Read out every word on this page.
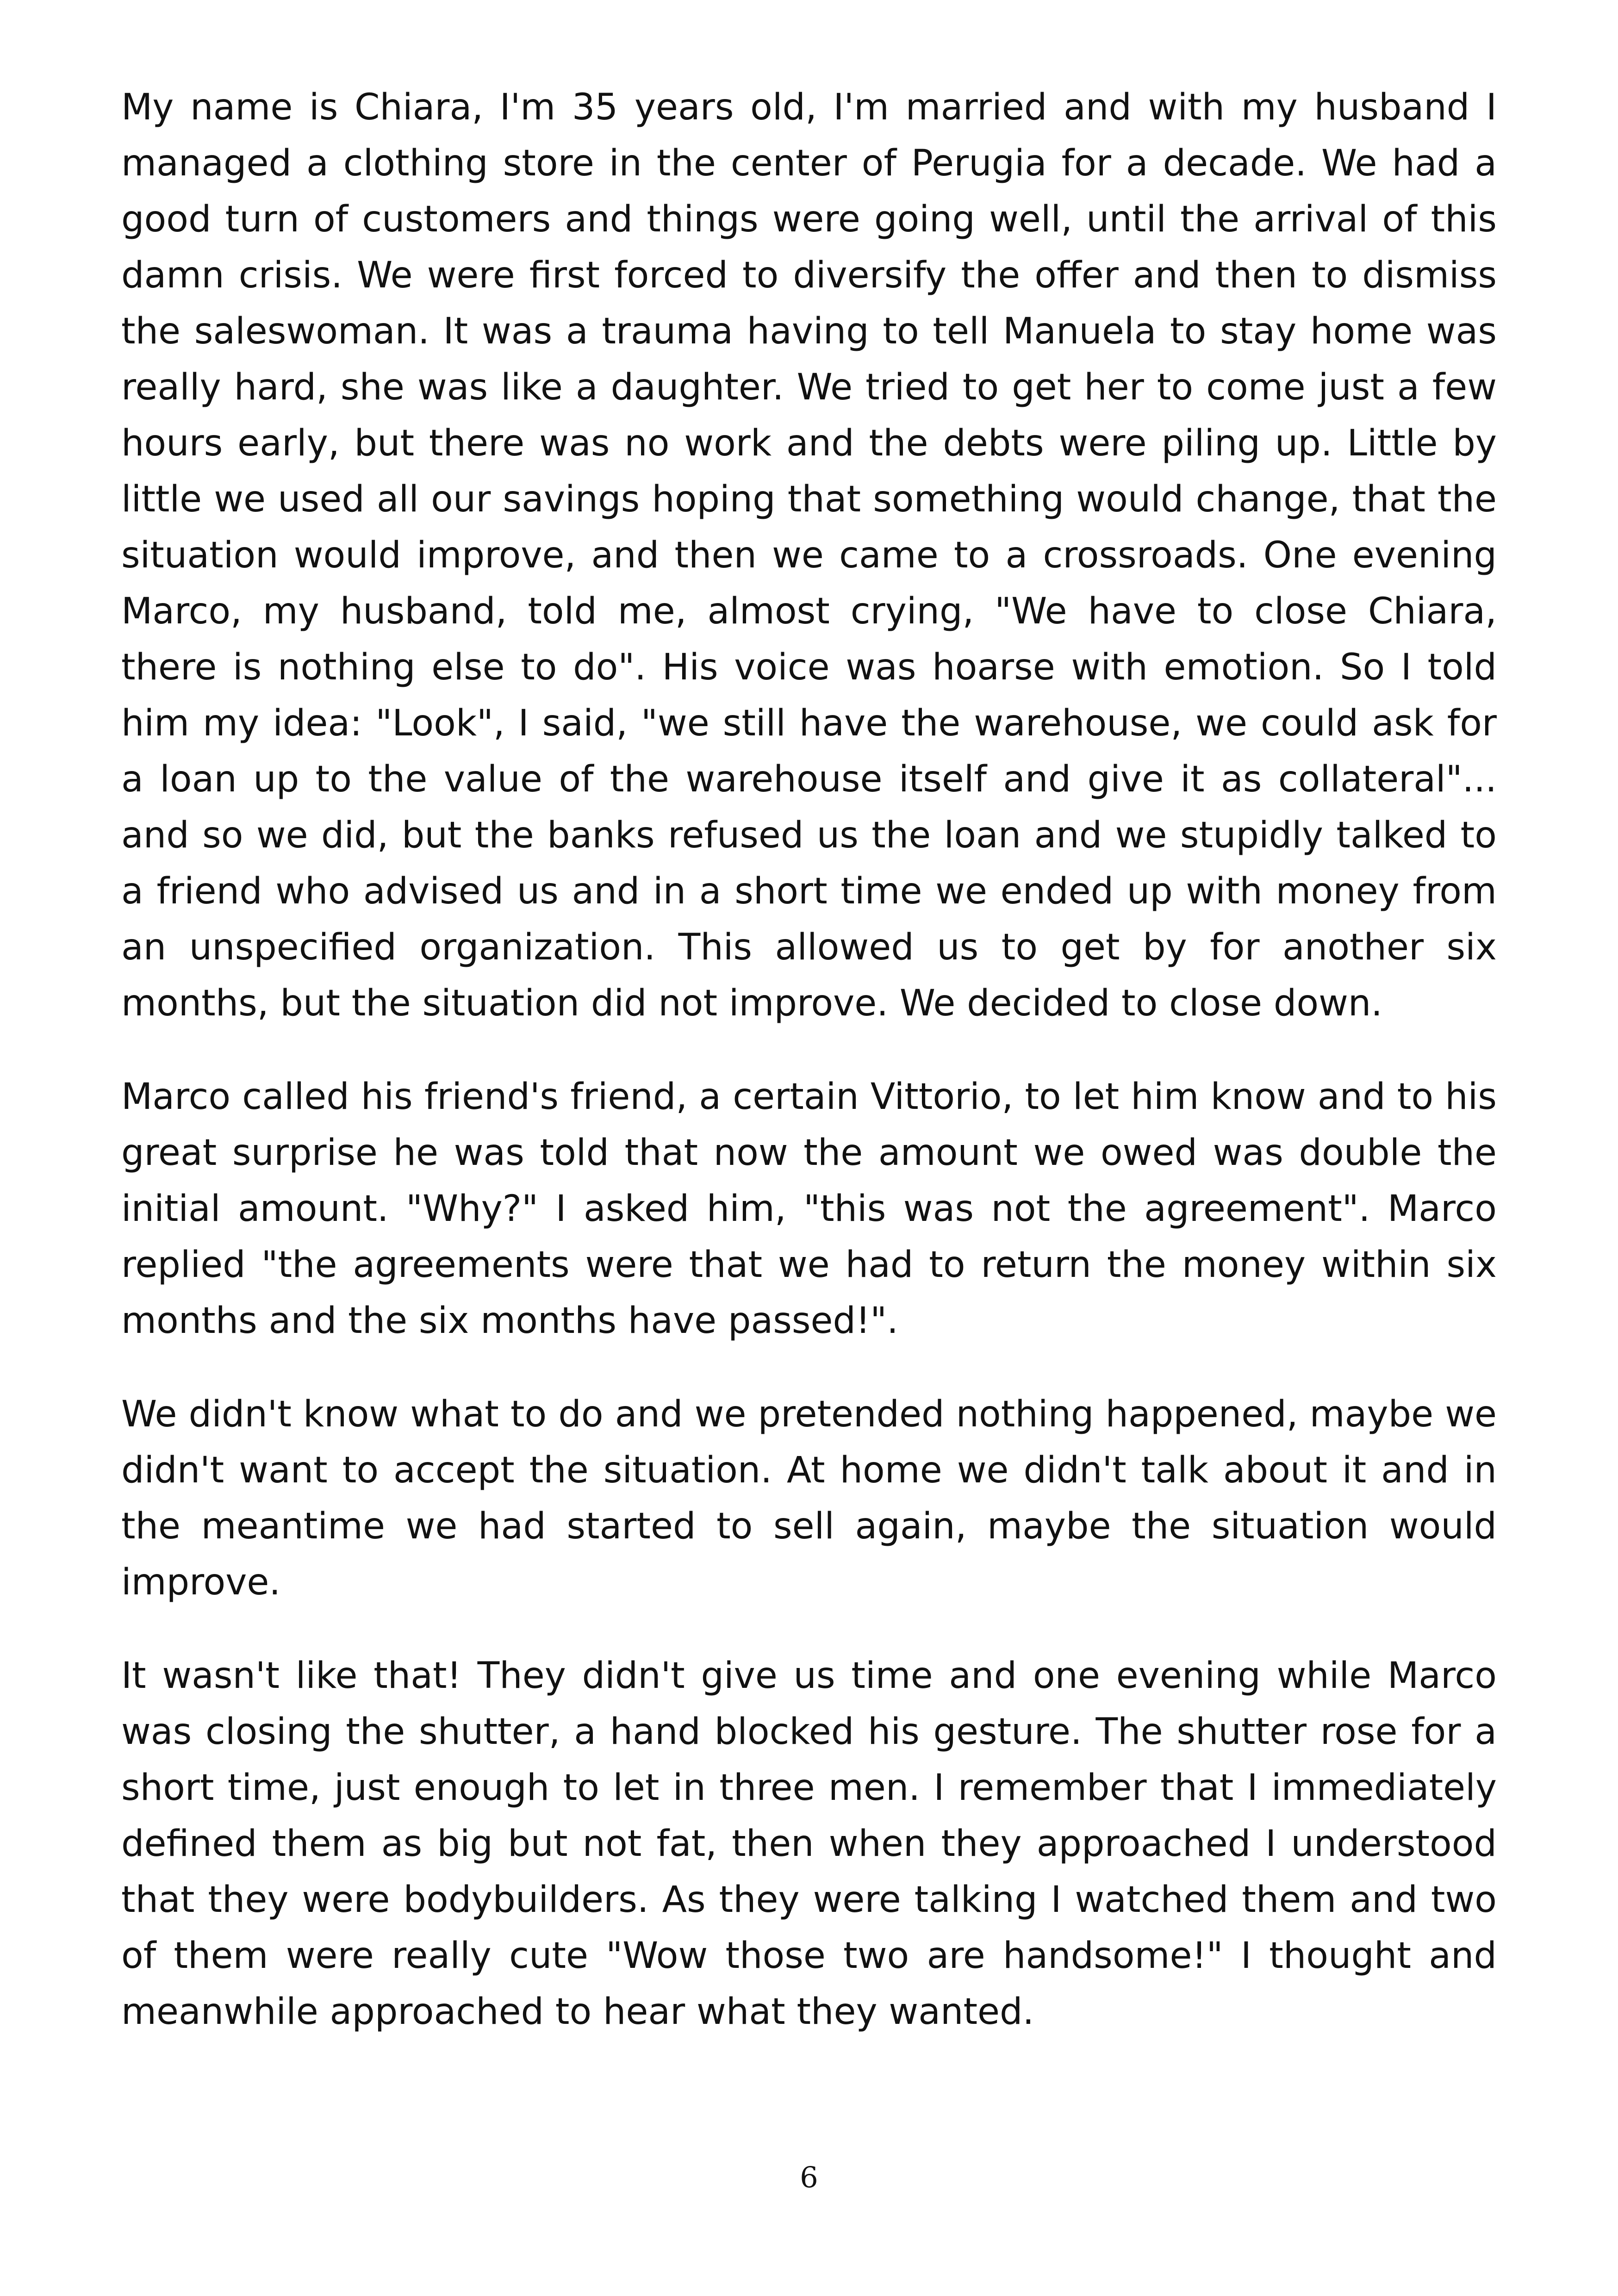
My name is Chiara, I'm 35 years old, I'm married and with my husband I managed a clothing store in the center of Perugia for a decade. We had a good turn of customers and things were going well, until the arrival of this damn crisis. We were first forced to diversify the offer and then to dismiss the saleswoman. It was a trauma having to tell Manuela to stay home was really hard, she was like a daughter. We tried to get her to come just a few hours early, but there was no work and the debts were piling up. Little by little we used all our savings hoping that something would change, that the situation would improve, and then we came to a crossroads. One evening Marco, my husband, told me, almost crying, "We have to close Chiara, there is nothing else to do". His voice was hoarse with emotion. So I told him my idea: "Look", I said, "we still have the warehouse, we could ask for a loan up to the value of the warehouse itself and give it as collateral"... and so we did, but the banks refused us the loan and we stupidly talked to a friend who advised us and in a short time we ended up with money from an unspecified organization. This allowed us to get by for another six months, but the situation did not improve. We decided to close down.

Marco called his friend's friend, a certain Vittorio, to let him know and to his great surprise he was told that now the amount we owed was double the initial amount. "Why?" I asked him, "this was not the agreement". Marco replied "the agreements were that we had to return the money within six months and the six months have passed!".

We didn't know what to do and we pretended nothing happened, maybe we didn't want to accept the situation. At home we didn't talk about it and in the meantime we had started to sell again, maybe the situation would improve.

It wasn't like that! They didn't give us time and one evening while Marco was closing the shutter, a hand blocked his gesture. The shutter rose for a short time, just enough to let in three men. I remember that I immediately defined them as big but not fat, then when they approached I understood that they were bodybuilders. As they were talking I watched them and two of them were really cute "Wow those two are handsome!" I thought and meanwhile approached to hear what they wanted.

6
